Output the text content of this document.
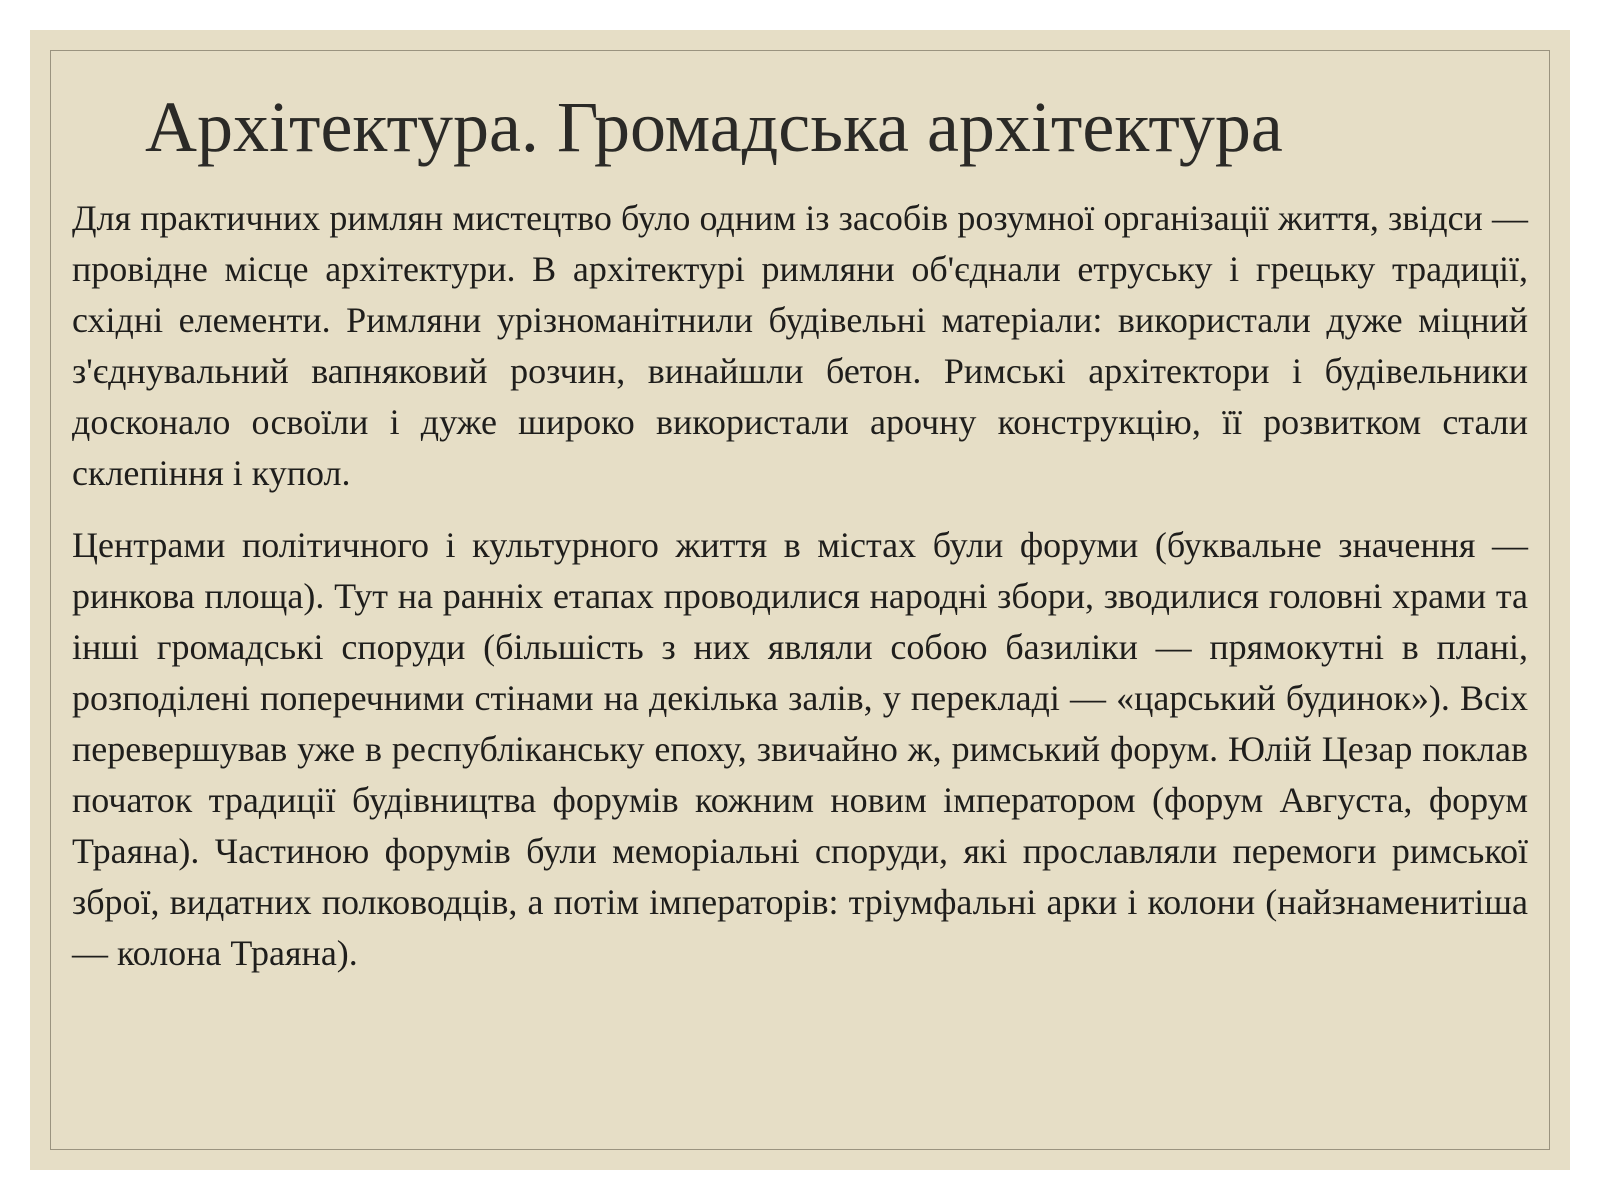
Архітектура. Громадська архітектура

Для практичних римлян мистецтво було одним із засобів розумної організації життя, звідси — провідне місце архітектури. В архітектурі римляни об'єднали етруську і грецьку традиції, східні елементи. Римляни урізноманітнили будівельні матеріали: використали дуже міцний з'єднувальний вапняковий розчин, винайшли бетон. Римські архітектори і будівельники досконало освоїли і дуже широко використали арочну конструкцію, її розвитком стали склепіння і купол.

Центрами політичного і культурного життя в містах були форуми (буквальне значення — ринкова площа). Тут на ранніх етапах проводилися народні збори, зводилися головні храми та інші громадські споруди (більшість з них являли собою базиліки — прямокутні в плані, розподілені поперечними стінами на декілька залів, у перекладі — «царський будинок»). Всіх перевершував уже в республіканську епоху, звичайно ж, римський форум. Юлій Цезар поклав початок традиції будівництва форумів кожним новим імператором (форум Августа, форум Траяна). Частиною форумів були меморіальні споруди, які прославляли перемоги римської зброї, видатних полководців, а потім імператорів: тріумфальні арки і колони (найзнаменитіша — колона Траяна).
